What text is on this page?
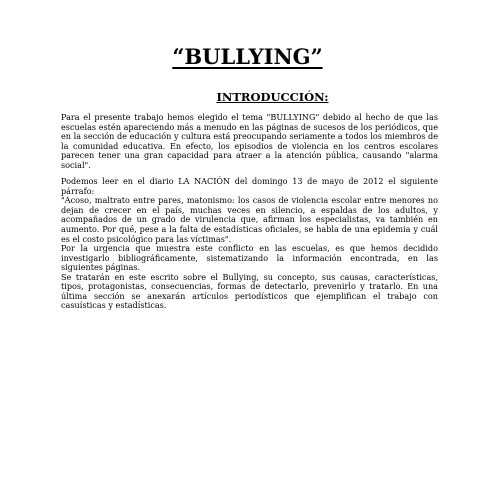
“BULLYING”
INTRODUCCIÓN:

Para el presente trabajo hemos elegido el tema "BULLYING" debido al hecho de que las escuelas estén apareciendo más a menudo en las páginas de sucesos de los periódicos, que en la sección de educación y cultura está preocupando seriamente a todos los miembros de la comunidad educativa. En efecto, los episodios de violencia en los centros escolares parecen tener una gran capacidad para atraer a la atención pública, causando "alarma social".

Podemos leer en el diario LA NACIÓN del domingo 13 de mayo de 2012 el siguiente párrafo:

"Acoso, maltrato entre pares, matonismo: los casos de violencia escolar entre menores no dejan de crecer en el país, muchas veces en silencio, a espaldas de los adultos, y acompañados de un grado de virulencia que, afirman los especialistas, va también en aumento. Por qué, pese a la falta de estadísticas oficiales, se habla de una epidemia y cuál es el costo psicológico para las víctimas".

Por la urgencia que muestra este conflicto en las escuelas, es que hemos decidido investigarlo bibliográficamente, sistematizando la información encontrada, en las siguientes páginas.

Se tratarán en este escrito sobre el Bullying, su concepto, sus causas, características, tipos, protagonistas, consecuencias, formas de detectarlo, prevenirlo y tratarlo. En una última sección se anexarán artículos periodísticos que ejemplifican el trabajo con casuísticas y estadísticas.
